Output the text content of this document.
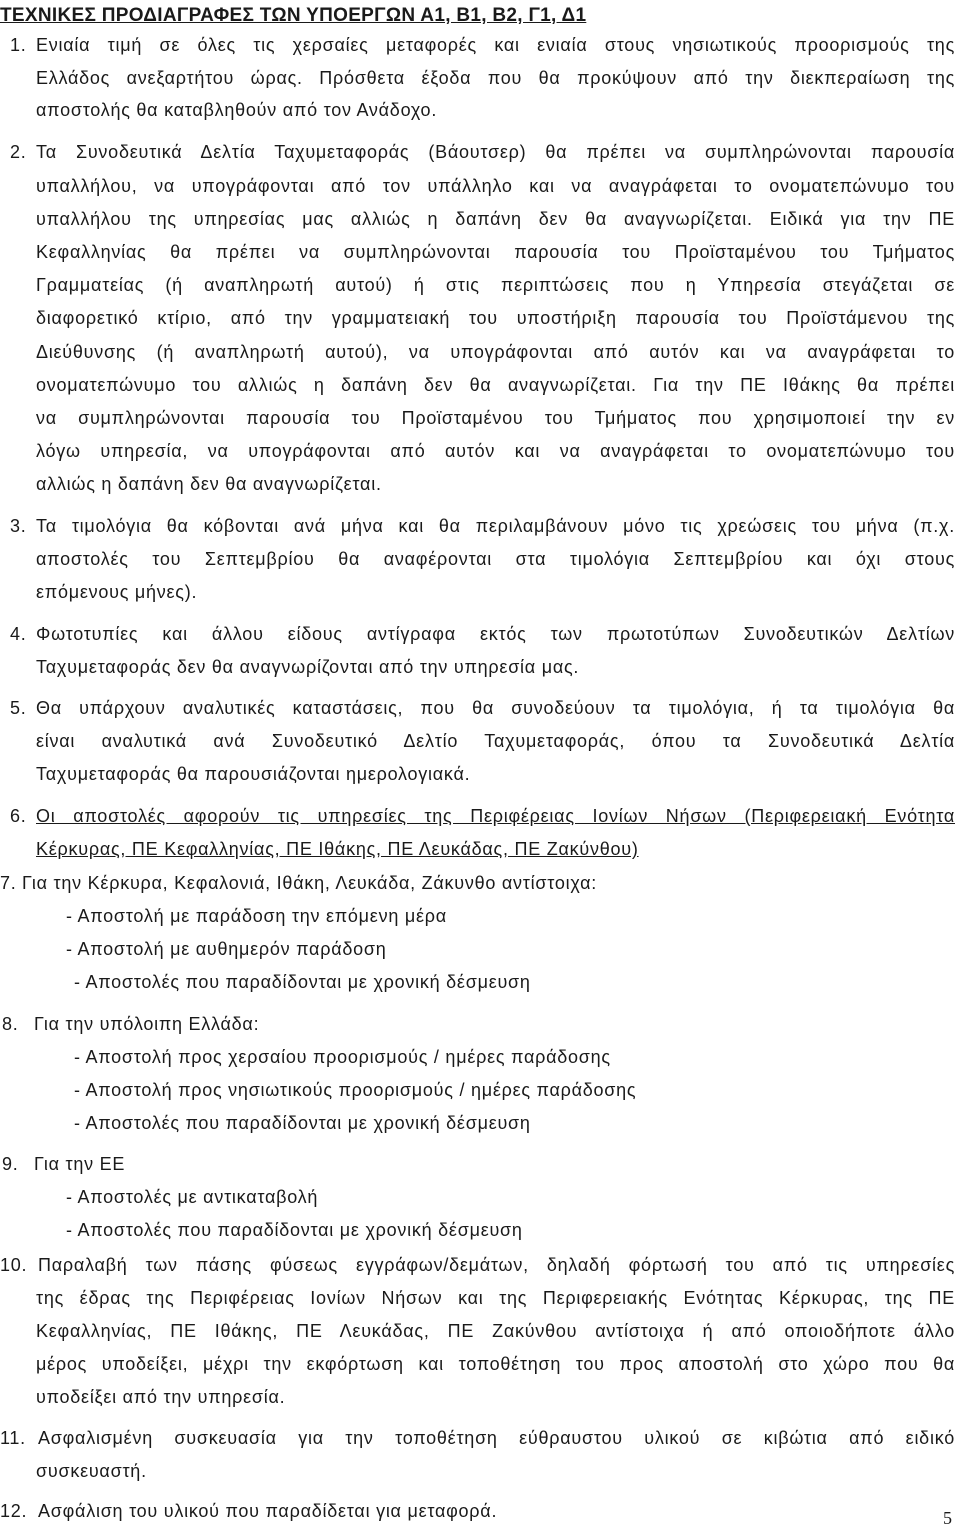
ΤΕΧΝΙΚΕΣ ΠΡΟΔΙΑΓΡΑΦΕΣ ΤΩΝ ΥΠΟΕΡΓΩΝ Α1, Β1, Β2, Γ1, Δ1
1. Ενιαία τιμή σε όλες τις χερσαίες μεταφορές και ενιαία στους νησιωτικούς προορισμούς της
Ελλάδος ανεξαρτήτου ώρας. Πρόσθετα έξοδα που θα προκύψουν από την διεκπεραίωση της
αποστολής θα καταβληθούν από τον Ανάδοχο.
2. Τα Συνοδευτικά Δελτία Ταχυμεταφοράς (Βάουτσερ) θα πρέπει να συμπληρώνονται παρουσία
υπαλλήλου, να υπογράφονται από τον υπάλληλο και να αναγράφεται το ονοματεπώνυμο του
υπαλλήλου της υπηρεσίας μας αλλιώς η δαπάνη δεν θα αναγνωρίζεται. Ειδικά για την ΠΕ
Κεφαλληνίας θα πρέπει να συμπληρώνονται παρουσία του Προϊσταμένου του Τμήματος
Γραμματείας (ή αναπληρωτή αυτού) ή στις περιπτώσεις που η Υπηρεσία στεγάζεται σε
διαφορετικό κτίριο, από την γραμματειακή του υποστήριξη παρουσία του Προϊστάμενου της
Διεύθυνσης (ή αναπληρωτή αυτού), να υπογράφονται από αυτόν και να αναγράφεται το
ονοματεπώνυμο του αλλιώς η δαπάνη δεν θα αναγνωρίζεται. Για την ΠΕ Ιθάκης θα πρέπει
να συμπληρώνονται παρουσία του Προϊσταμένου του Τμήματος που χρησιμοποιεί την εν
λόγω υπηρεσία, να υπογράφονται από αυτόν και να αναγράφεται το ονοματεπώνυμο του
αλλιώς η δαπάνη δεν θα αναγνωρίζεται.
3. Τα τιμολόγια θα κόβονται ανά μήνα και θα περιλαμβάνουν μόνο τις χρεώσεις του μήνα (π.χ.
αποστολές του Σεπτεμβρίου θα αναφέρονται στα τιμολόγια Σεπτεμβρίου και όχι στους
επόμενους μήνες).
4. Φωτοτυπίες και άλλου είδους αντίγραφα εκτός των πρωτοτύπων Συνοδευτικών Δελτίων
Ταχυμεταφοράς δεν θα αναγνωρίζονται από την υπηρεσία μας.
5. Θα υπάρχουν αναλυτικές καταστάσεις, που θα συνοδεύουν τα τιμολόγια, ή τα τιμολόγια θα
είναι αναλυτικά ανά Συνοδευτικό Δελτίο Ταχυμεταφοράς, όπου τα Συνοδευτικά Δελτία
Ταχυμεταφοράς θα παρουσιάζονται ημερολογιακά.
6. Οι αποστολές αφορούν τις υπηρεσίες της Περιφέρειας Ιονίων Νήσων (Περιφερειακή Ενότητα
Κέρκυρας, ΠΕ Κεφαλληνίας, ΠΕ Ιθάκης, ΠΕ Λευκάδας, ΠΕ Ζακύνθου)
7. Για την Κέρκυρα, Κεφαλονιά, Ιθάκη, Λευκάδα, Ζάκυνθο αντίστοιχα:
- Αποστολή με παράδοση την επόμενη μέρα
- Αποστολή με αυθημερόν παράδοση
- Αποστολές που παραδίδονται με χρονική δέσμευση
8. Για την υπόλοιπη Ελλάδα:
- Αποστολή προς χερσαίου προορισμούς / ημέρες παράδοσης
- Αποστολή προς νησιωτικούς προορισμούς / ημέρες παράδοσης
- Αποστολές που παραδίδονται με χρονική δέσμευση
9. Για την ΕΕ
- Αποστολές με αντικαταβολή
- Αποστολές που παραδίδονται με χρονική δέσμευση
10. Παραλαβή των πάσης φύσεως εγγράφων/δεμάτων, δηλαδή φόρτωσή του από τις υπηρεσίες
της έδρας της Περιφέρειας Ιονίων Νήσων και της Περιφερειακής Ενότητας Κέρκυρας, της ΠΕ
Κεφαλληνίας, ΠΕ Ιθάκης, ΠΕ Λευκάδας, ΠΕ Ζακύνθου αντίστοιχα ή από οποιοδήποτε άλλο
μέρος υποδείξει, μέχρι την εκφόρτωση και τοποθέτηση του προς αποστολή στο χώρο που θα
υποδείξει από την υπηρεσία.
11. Ασφαλισμένη συσκευασία για την τοποθέτηση εύθραυστου υλικού σε κιβώτια από ειδικό
συσκευαστή.
12. Ασφάλιση του υλικού που παραδίδεται για μεταφορά.	5
